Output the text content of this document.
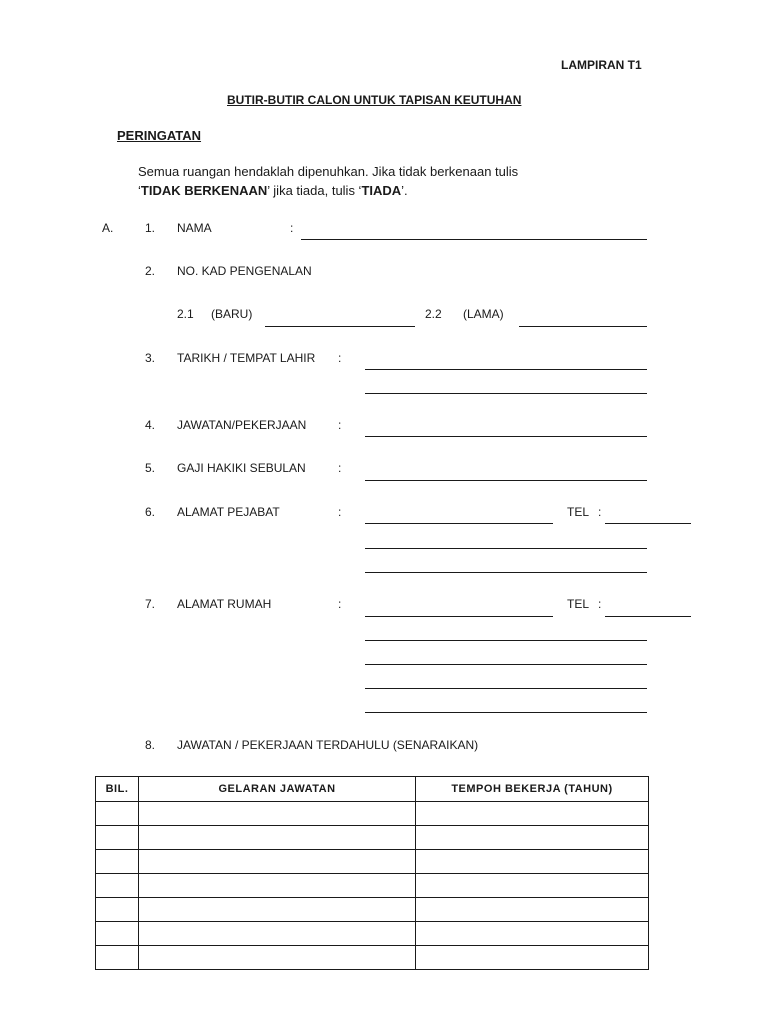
LAMPIRAN T1
BUTIR-BUTIR CALON UNTUK TAPISAN KEUTUHAN
PERINGATAN
Semua ruangan hendaklah dipenuhkan. Jika tidak berkenaan tulis
‘TIDAK BERKENAAN’ jika tiada, tulis ‘TIADA’.
A.	1. NAMA	:
2. NO. KAD PENGENALAN
2.1 (BARU)	2.2 (LAMA)
3. TARIKH / TEMPAT LAHIR :
4. JAWATAN/PEKERJAAN	:
5. GAJI HAKIKI SEBULAN	:
6. ALAMAT PEJABAT	:	TEL :
7. ALAMAT RUMAH	:	TEL :
8. JAWATAN / PEKERJAAN TERDAHULU (SENARAIKAN)
BIL.	GELARAN JAWATAN	TEMPOH BEKERJA (TAHUN)
